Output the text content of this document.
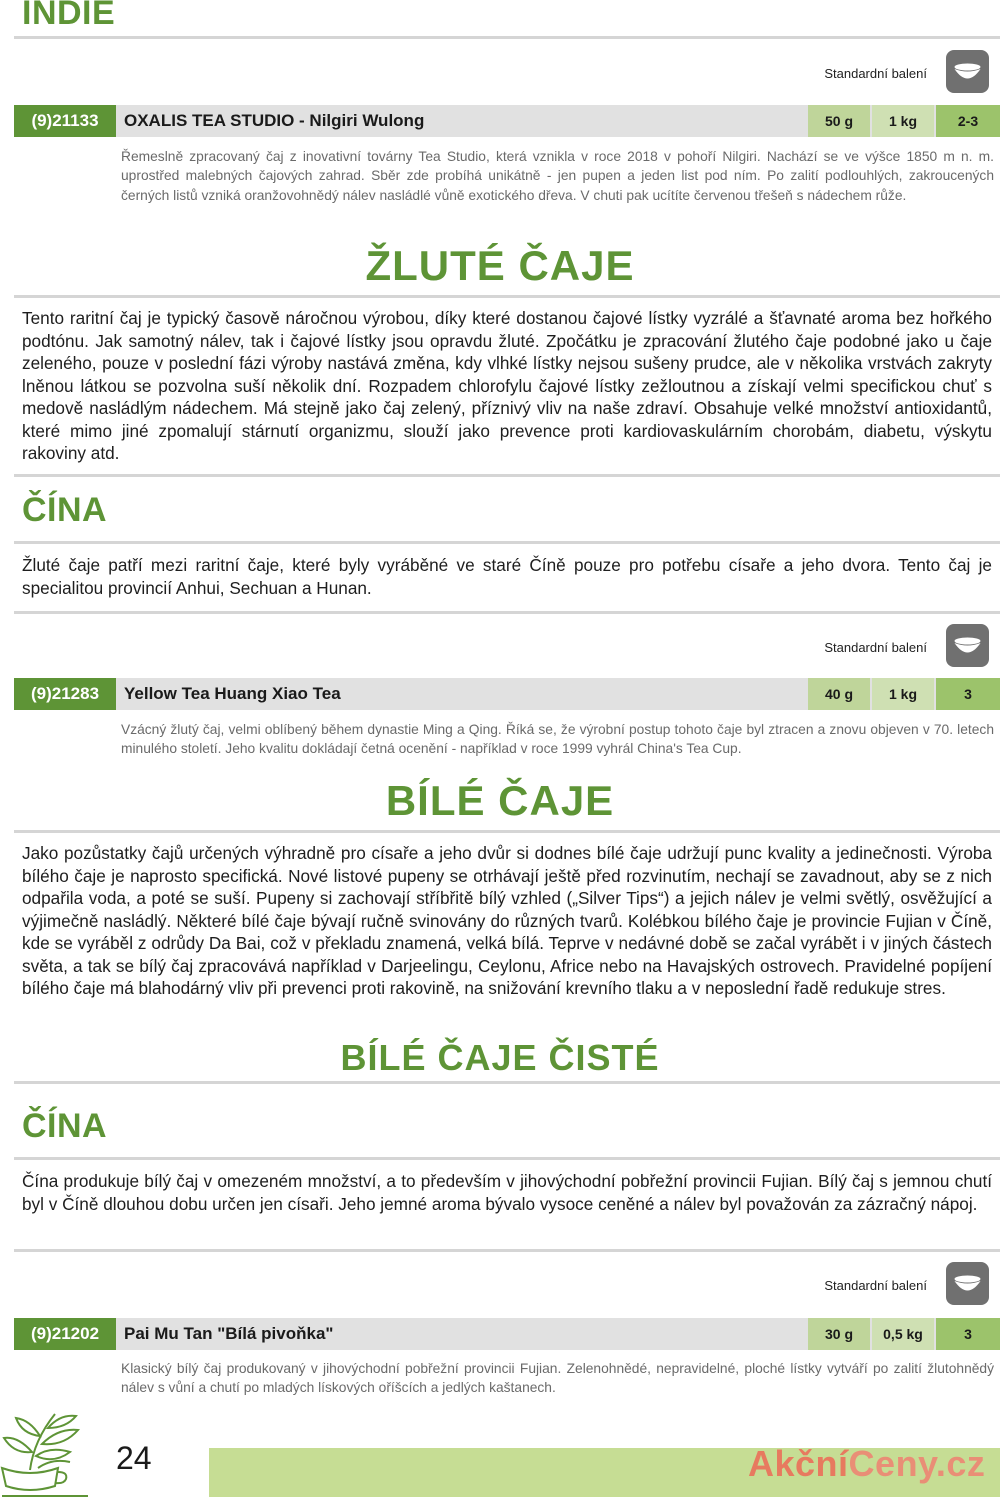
INDIE
Standardní balení
(9)21133	OXALIS TEA STUDIO - Nilgiri Wulong	50 g	1 kg	2-3
Řemeslně zpracovaný čaj z inovativní továrny Tea Studio, která vznikla v roce 2018 v pohoří Nilgiri. Nachází se ve výšce 1850 m n. m. uprostřed malebných čajových zahrad. Sběr zde probíhá unikátně - jen pupen a jeden list pod ním. Po zalití podlouhlých, zakroucených černých listů vzniká oranžovohnědý nálev nasládlé vůně exotického dřeva. V chuti pak ucítíte červenou třešeň s nádechem růže.
ŽLUTÉ ČAJE
Tento raritní čaj je typický časově náročnou výrobou, díky které dostanou čajové lístky vyzrálé a šťavnaté aroma bez hořkého podtónu. Jak samotný nálev, tak i čajové lístky jsou opravdu žluté. Zpočátku je zpracování žlutého čaje podobné jako u čaje zeleného, pouze v poslední fázi výroby nastává změna, kdy vlhké lístky nejsou sušeny prudce, ale v několika vrstvách zakryty lněnou látkou se pozvolna suší několik dní. Rozpadem chlorofylu čajové lístky zežloutnou a získají velmi specifickou chuť s medově nasládlým nádechem. Má stejně jako čaj zelený, příznivý vliv na naše zdraví. Obsahuje velké množství antioxidantů, které mimo jiné zpomalují stárnutí organizmu, slouží jako prevence proti kardiovaskulárním chorobám, diabetu, výskytu rakoviny atd.
ČÍNA
Žluté čaje patří mezi raritní čaje, které byly vyráběné ve staré Číně pouze pro potřebu císaře a jeho dvora. Tento čaj je specialitou provincií Anhui, Sechuan a Hunan.
Standardní balení
(9)21283	Yellow Tea Huang Xiao Tea	40 g	1 kg	3
Vzácný žlutý čaj, velmi oblíbený během dynastie Ming a Qing. Říká se, že výrobní postup tohoto čaje byl ztracen a znovu objeven v 70. letech minulého století. Jeho kvalitu dokládají četná ocenění - například v roce 1999 vyhrál China's Tea Cup.
BÍLÉ ČAJE
Jako pozůstatky čajů určených výhradně pro císaře a jeho dvůr si dodnes bílé čaje udržují punc kvality a jedinečnosti. Výroba bílého čaje je naprosto specifická. Nové listové pupeny se otrhávají ještě před rozvinutím, nechají se zavadnout, aby se z nich odpařila voda, a poté se suší. Pupeny si zachovají stříbřitě bílý vzhled („Silver Tips“) a jejich nálev je velmi světlý, osvěžující a výjimečně nasládlý. Některé bílé čaje bývají ručně svinovány do různých tvarů. Kolébkou bílého čaje je provincie Fujian v Číně, kde se vyráběl z odrůdy Da Bai, což v překladu znamená, velká bílá. Teprve v nedávné době se začal vyrábět i v jiných částech světa, a tak se bílý čaj zpracovává například v Darjeelingu, Ceylonu, Africe nebo na Havajských ostrovech. Pravidelné popíjení bílého čaje má blahodárný vliv při prevenci proti rakovině, na snižování krevního tlaku a v neposlední řadě redukuje stres.
BÍLÉ ČAJE ČISTÉ
ČÍNA
Čína produkuje bílý čaj v omezeném množství, a to především v jihovýchodní pobřežní provincii Fujian. Bílý čaj s jemnou chutí byl v Číně dlouhou dobu určen jen císaři. Jeho jemné aroma bývalo vysoce ceněné a nálev byl považován za zázračný nápoj.
Standardní balení
(9)21202	Pai Mu Tan "Bílá pivoňka"	30 g	0,5 kg	3
Klasický bílý čaj produkovaný v jihovýchodní pobřežní provincii Fujian. Zelenohnědé, nepravidelné, ploché lístky vytváří po zalití žlutohnědý nálev s vůní a chutí po mladých lískových oříšcích a jedlých kaštanech.
24	AkčníCeny.cz
